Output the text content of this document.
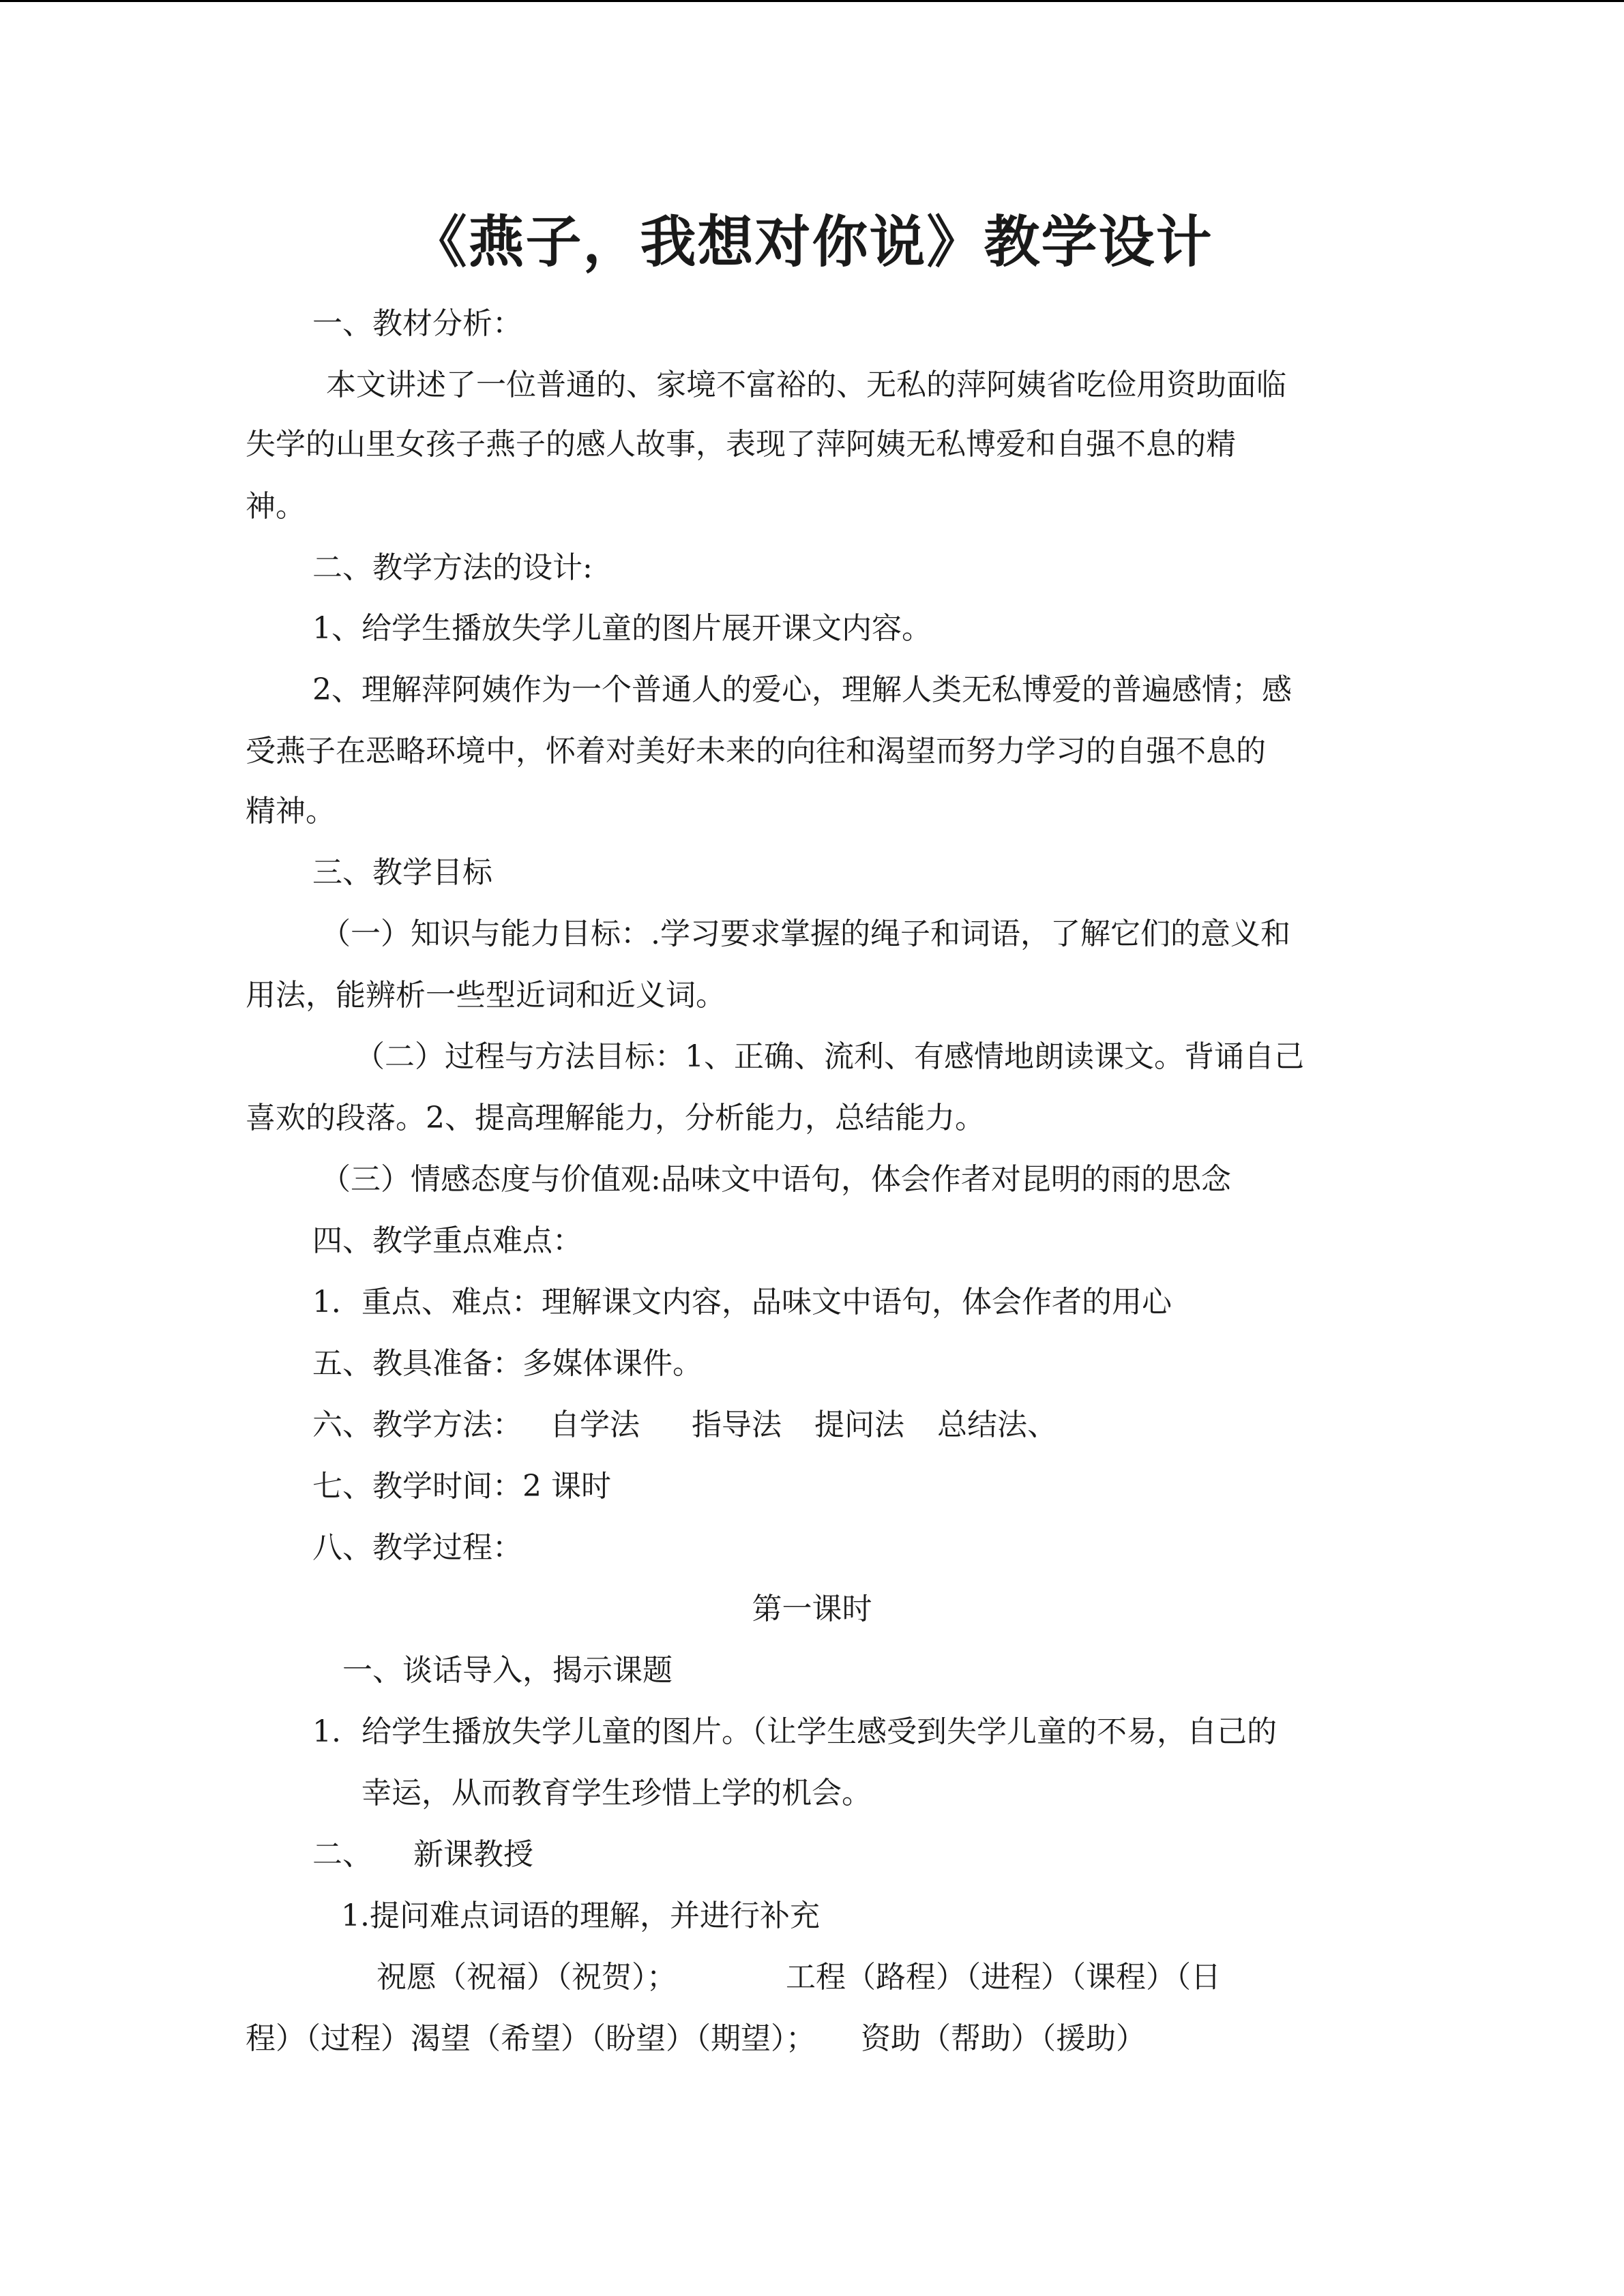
《燕子，我想对你说》教学设计
一、教材分析：
本文讲述了一位普通的、家境不富裕的、无私的萍阿姨省吃俭用资助面临
失学的山里女孩子燕子的感人故事，表现了萍阿姨无私博爱和自强不息的精
神。
二、教学方法的设计:
1、给学生播放失学儿童的图片展开课文内容。
2、理解萍阿姨作为一个普通人的爱心，理解人类无私博爱的普遍感情；感
受燕子在恶略环境中，怀着对美好未来的向往和渴望而努力学习的自强不息的
精神。
三、教学目标
（一）知识与能力目标：.学习要求掌握的绳子和词语，了解它们的意义和
用法，能辨析一些型近词和近义词。
（二）过程与方法目标：1、正确、流利、有感情地朗读课文。背诵自己
喜欢的段落。2、提高理解能力，分析能力，总结能力。
（三）情感态度与价值观:品味文中语句，体会作者对昆明的雨的思念
四、教学重点难点：
1．重点、难点：理解课文内容，品味文中语句，体会作者的用心
五、教具准备：多媒体课件。
六、教学方法： 自学法 指导法 提问法 总结法、
七、教学时间：2 课时
八、教学过程：
第一课时
一、谈话导入，揭示课题
1. 给学生播放失学儿童的图片。（让学生感受到失学儿童的不易，自己的
幸运，从而教育学生珍惜上学的机会。
二、 新课教授
1.提问难点词语的理解，并进行补充
祝愿（祝福）（祝贺）；	工程（路程）（进程）（课程）（日
程）（过程）渴望（希望）（盼望）（期望）； 资助（帮助）（援助）
